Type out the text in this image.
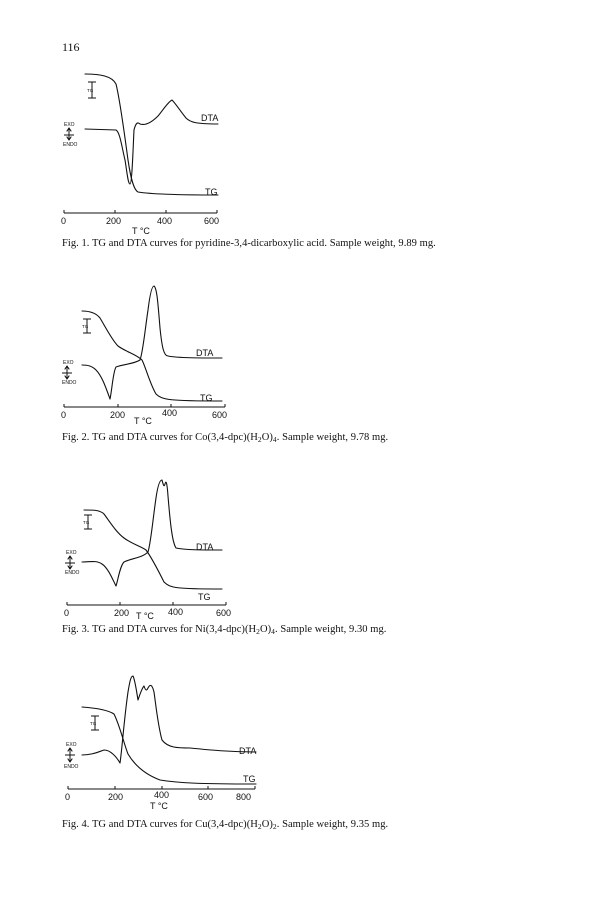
116
TG
EXO
ENDO
DTA
TG
0	200	400	600
T °C
Fig. 1. TG and DTA curves for pyridine-3,4-dicarboxylic acid. Sample weight, 9.89 mg.
TG
EXO
ENDO
DTA
TG
0	200	400	600
T °C
Fig. 2. TG and DTA curves for $Co(3,4-dpc)(H_2O)_4$. Sample weight, 9.78 mg.
TG
EXO
ENDO
DTA
TG
0	200	400	600
T °C
Fig. 3. TG and DTA curves for $Ni(3,4-dpc)(H_2O)_4$. Sample weight, 9.30 mg.
TG
EXO
ENDO
DTA
TG
0	200	400	600	800
T °C
Fig. 4. TG and DTA curves for $Cu(3,4-dpc)(H_2O)_2$. Sample weight, 9.35 mg.
